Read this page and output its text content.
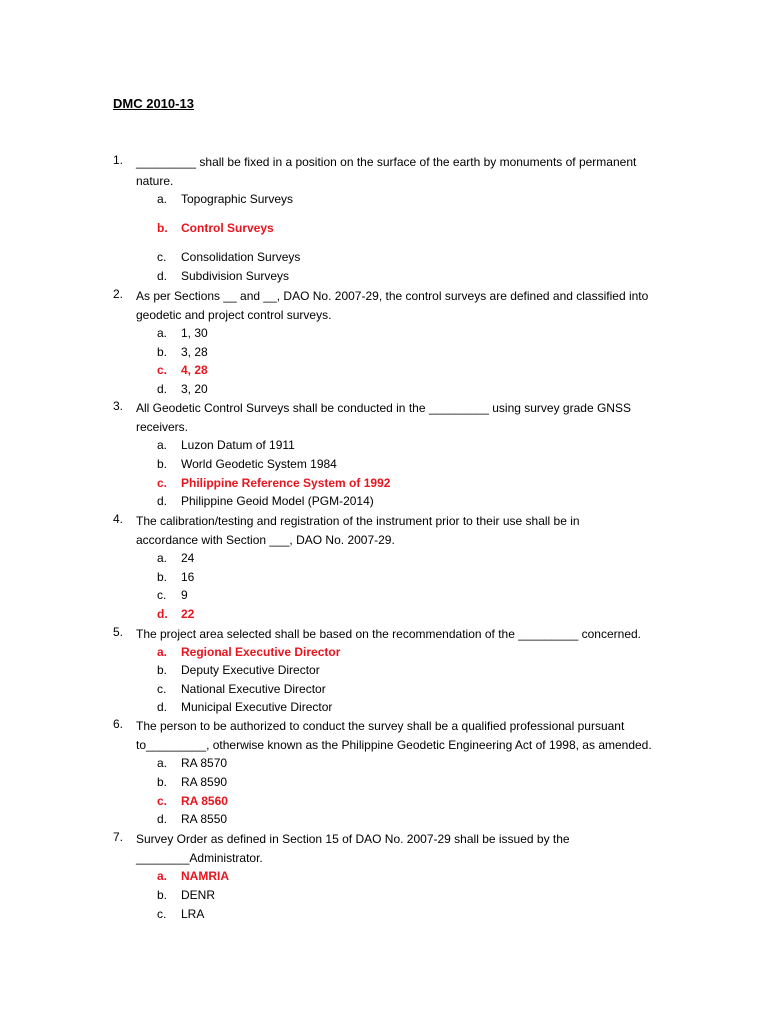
DMC 2010-13

1.	_________ shall be fixed in a position on the surface of the earth by monuments of permanent
nature.
a.	Topographic Surveys
b.	Control Surveys
c.	Consolidation Surveys
d.	Subdivision Surveys
2.	As per Sections __ and __, DAO No. 2007-29, the control surveys are defined and classified into
geodetic and project control surveys.
a.	1, 30
b.	3, 28
c.	4, 28
d.	3, 20
3.	All Geodetic Control Surveys shall be conducted in the _________ using survey grade GNSS
receivers.
a.	Luzon Datum of 1911
b.	World Geodetic System 1984
c.	Philippine Reference System of 1992
d.	Philippine Geoid Model (PGM-2014)
4.	The calibration/testing and registration of the instrument prior to their use shall be in
accordance with Section ___, DAO No. 2007-29.
a.	24
b.	16
c.	9
d.	22
5.	The project area selected shall be based on the recommendation of the _________ concerned.
a.	Regional Executive Director
b.	Deputy Executive Director
c.	National Executive Director
d.	Municipal Executive Director
6.	The person to be authorized to conduct the survey shall be a qualified professional pursuant
to_________, otherwise known as the Philippine Geodetic Engineering Act of 1998, as amended.
a.	RA 8570
b.	RA 8590
c.	RA 8560
d.	RA 8550
7.	Survey Order as defined in Section 15 of DAO No. 2007-29 shall be issued by the
________Administrator.
a.	NAMRIA
b.	DENR
c.	LRA
